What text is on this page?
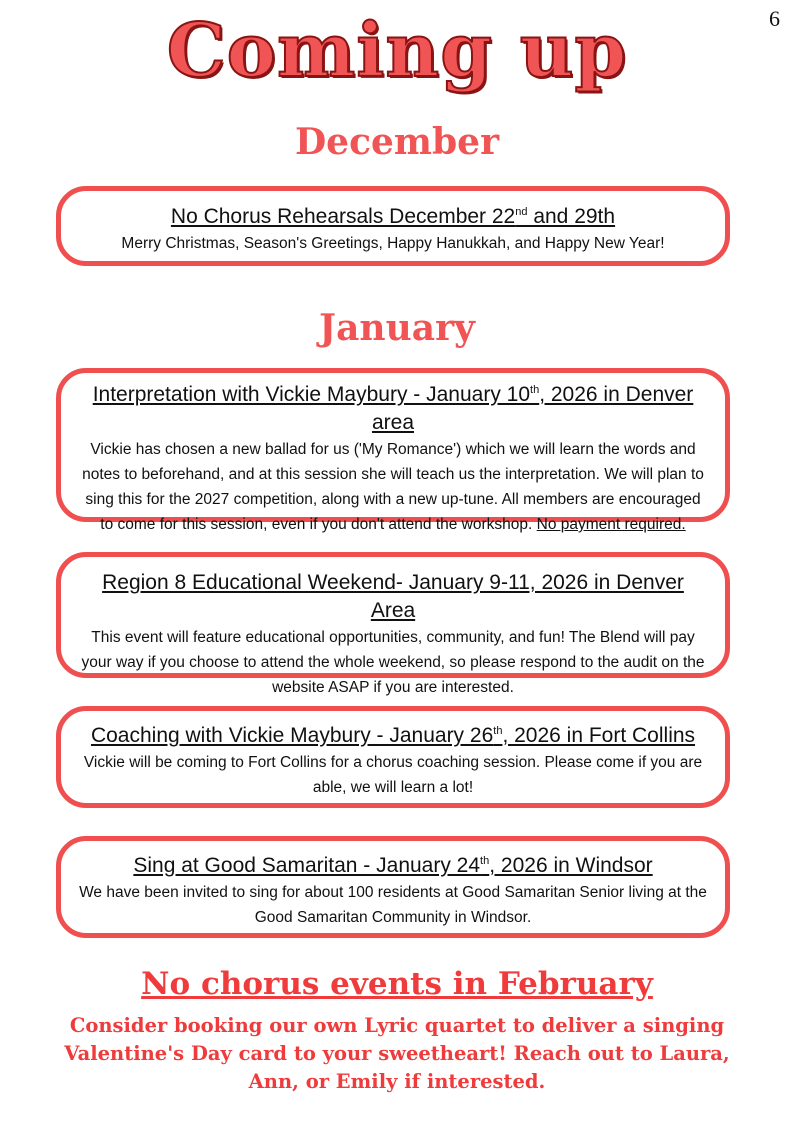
6
Coming up
December
No Chorus Rehearsals December 22nd and 29th
Merry Christmas, Season's Greetings, Happy Hanukkah, and Happy New Year!
January
Interpretation with Vickie Maybury - January 10th, 2026 in Denver area
Vickie has chosen a new ballad for us ('My Romance') which we will learn the words and notes to beforehand, and at this session she will teach us the interpretation. We will plan to sing this for the 2027 competition, along with a new up-tune. All members are encouraged to come for this session, even if you don't attend the workshop. No payment required.
Region 8 Educational Weekend- January 9-11, 2026 in Denver Area
This event will feature educational opportunities, community, and fun! The Blend will pay your way if you choose to attend the whole weekend, so please respond to the audit on the website ASAP if you are interested.
Coaching with Vickie Maybury - January 26th, 2026 in Fort Collins
Vickie will be coming to Fort Collins for a chorus coaching session. Please come if you are able, we will learn a lot!
Sing at Good Samaritan - January 24th, 2026 in Windsor
We have been invited to sing for about 100 residents at Good Samaritan Senior living at the Good Samaritan Community in Windsor.
No chorus events in February
Consider booking our own Lyric quartet to deliver a singing Valentine's Day card to your sweetheart! Reach out to Laura, Ann, or Emily if interested.
